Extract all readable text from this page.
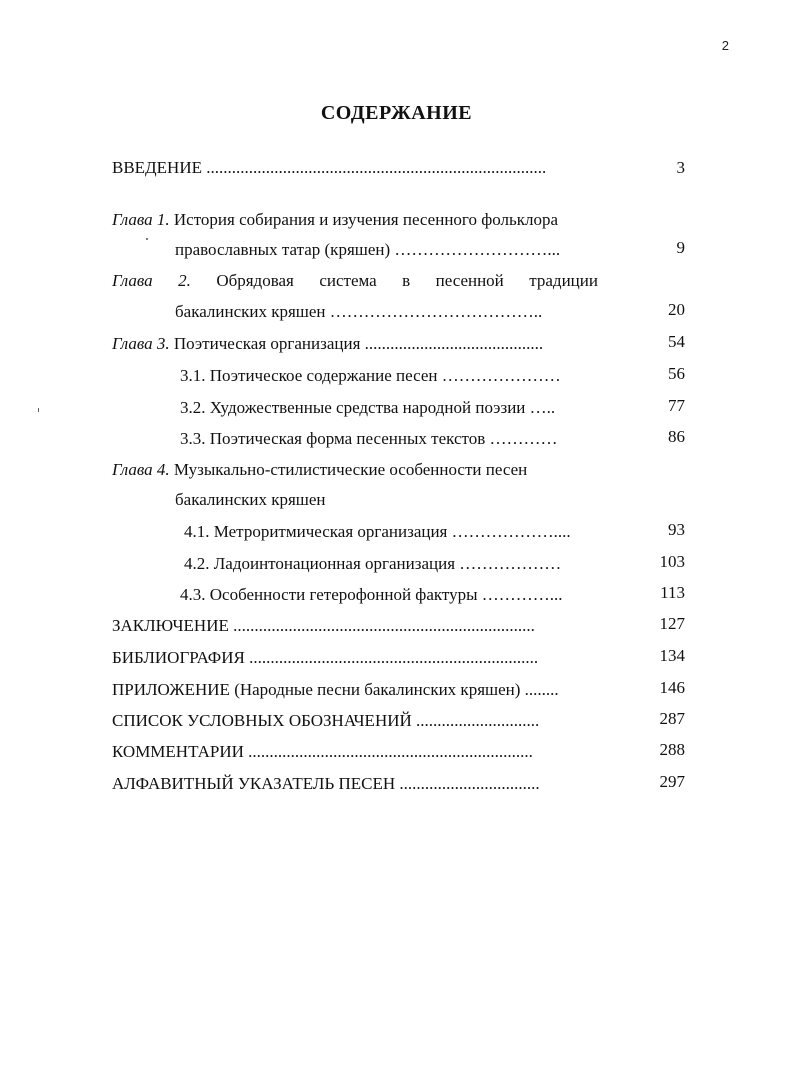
2
СОДЕРЖАНИЕ
ВВЕДЕНИЕ ................................................................................	3
Глава 1. История собирания и изучения песенного фольклора
православных татар (кряшен) ………………………...	9
Глава 2. Обрядовая система в песенной традиции
бакалинских кряшен ………………………………..	20
Глава 3. Поэтическая организация ..........................................	54
3.1. Поэтическое содержание песен …………………	56
3.2. Художественные средства народной поэзии …..	77
3.3. Поэтическая форма песенных текстов …………	86
Глава 4. Музыкально-стилистические особенности песен
бакалинских кряшен
4.1. Метроритмическая организация ………………....	93
4.2. Ладоинтонационная организация ………………	103
4.3. Особенности гетерофонной фактуры …………...	113
ЗАКЛЮЧЕНИЕ .......................................................................	127
БИБЛИОГРАФИЯ ....................................................................	134
ПРИЛОЖЕНИЕ (Народные песни бакалинских кряшен) ........	146
СПИСОК УСЛОВНЫХ ОБОЗНАЧЕНИЙ .............................	287
КОММЕНТАРИИ ...................................................................	288
АЛФАВИТНЫЙ УКАЗАТЕЛЬ ПЕСЕН .................................	297
